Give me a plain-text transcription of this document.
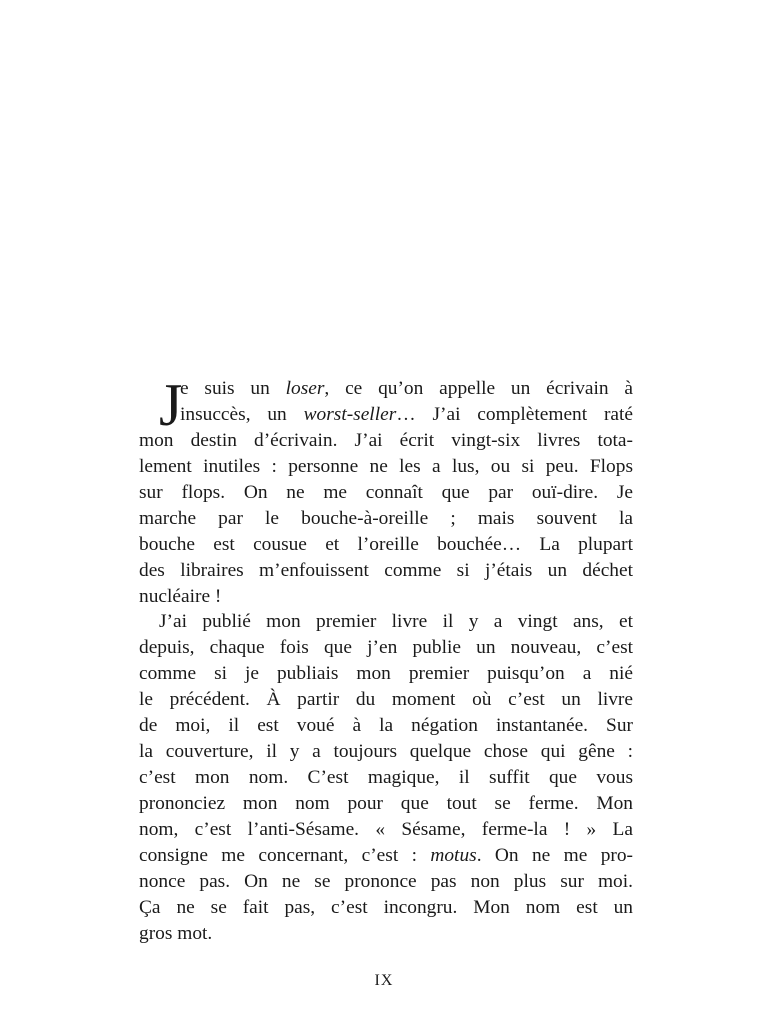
J
e suis un loser, ce qu’on appelle un écrivain à
insuccès, un worst-seller… J’ai complètement raté
mon destin d’écrivain. J’ai écrit vingt-six livres tota-
lement inutiles : personne ne les a lus, ou si peu. Flops
sur flops. On ne me connaît que par ouï-dire. Je
marche par le bouche-à-oreille ; mais souvent la
bouche est cousue et l’oreille bouchée… La plupart
des libraires m’enfouissent comme si j’étais un déchet
nucléaire !
J’ai publié mon premier livre il y a vingt ans, et
depuis, chaque fois que j’en publie un nouveau, c’est
comme si je publiais mon premier puisqu’on a nié
le précédent. À partir du moment où c’est un livre
de moi, il est voué à la négation instantanée. Sur
la couverture, il y a toujours quelque chose qui gêne :
c’est mon nom. C’est magique, il suffit que vous
prononciez mon nom pour que tout se ferme. Mon
nom, c’est l’anti-Sésame. « Sésame, ferme-la ! » La
consigne me concernant, c’est : motus. On ne me pro-
nonce pas. On ne se prononce pas non plus sur moi.
Ça ne se fait pas, c’est incongru. Mon nom est un
gros mot.
IX
